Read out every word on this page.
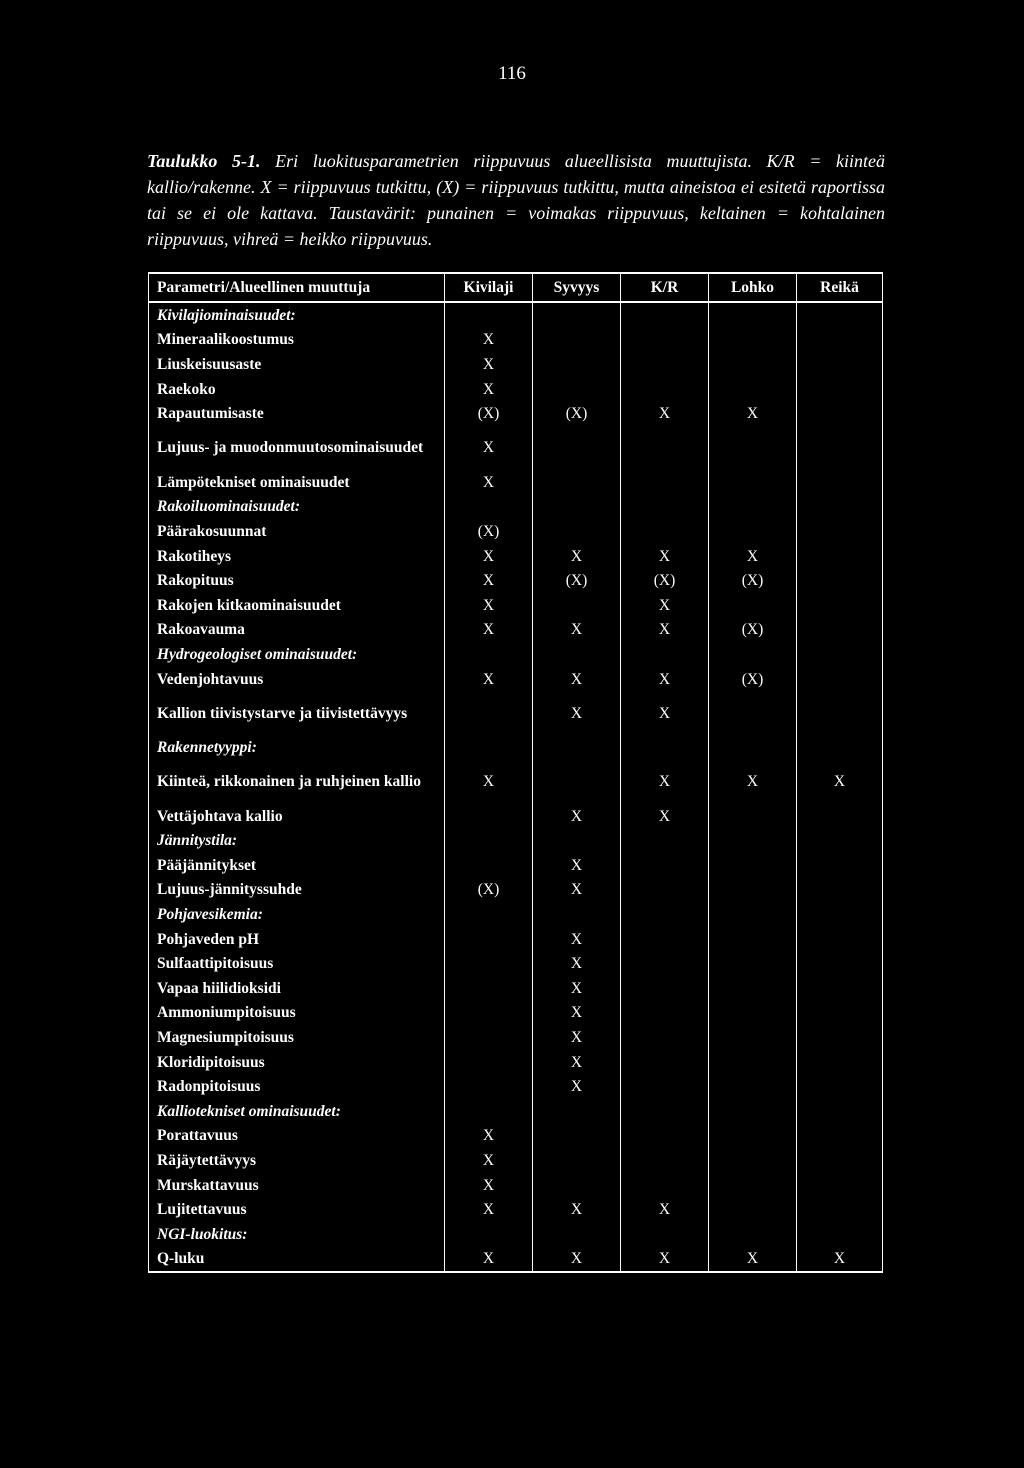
116
Taulukko 5-1. Eri luokitusparametrien riippuvuus alueellisista muuttujista. K/R = kiinteä kallio/rakenne. X = riippuvuus tutkittu, (X) = riippuvuus tutkittu, mutta aineistoa ei esitetä raportissa tai se ei ole kattava. Taustavärit: punainen = voimakas riippuvuus, keltainen = kohtalainen riippuvuus, vihreä = heikko riippuvuus.
Parametri/Alueellinen muuttuja	Kivilaji	Syvyys	K/R	Lohko	Reikä
Kivilajiominaisuudet:					
Mineraalikoostumus	X				
Liuskeisuusaste	X				
Raekoko	X				
Rapautumisaste	(X)	(X)	X	X	
Lujuus- ja muodonmuutosominaisuudet	X				
Lämpötekniset ominaisuudet	X				
Rakoiluominaisuudet:					
Päärakosuunnat	(X)				
Rakotiheys	X	X	X	X	
Rakopituus	X	(X)	(X)	(X)	
Rakojen kitkaominaisuudet	X		X		
Rakoavauma	X	X	X	(X)	
Hydrogeologiset ominaisuudet:					
Vedenjohtavuus	X	X	X	(X)	
Kallion tiivistystarve ja tiivistettävyys		X	X		
Rakennetyyppi:					
Kiinteä, rikkonainen ja ruhjeinen kallio	X		X	X	X
Vettäjohtava kallio		X	X		
Jännitystila:					
Pääjännitykset		X			
Lujuus-jännityssuhde	(X)	X			
Pohjavesikemia:					
Pohjaveden pH		X			
Sulfaattipitoisuus		X			
Vapaa hiilidioksidi		X			
Ammoniumpitoisuus		X			
Magnesiumpitoisuus		X			
Kloridipitoisuus		X			
Radonpitoisuus		X			
Kalliotekniset ominaisuudet:					
Porattavuus	X				
Räjäytettävyys	X				
Murskattavuus	X				
Lujitettavuus	X	X	X		
NGI-luokitus:					
Q-luku	X	X	X	X	X
